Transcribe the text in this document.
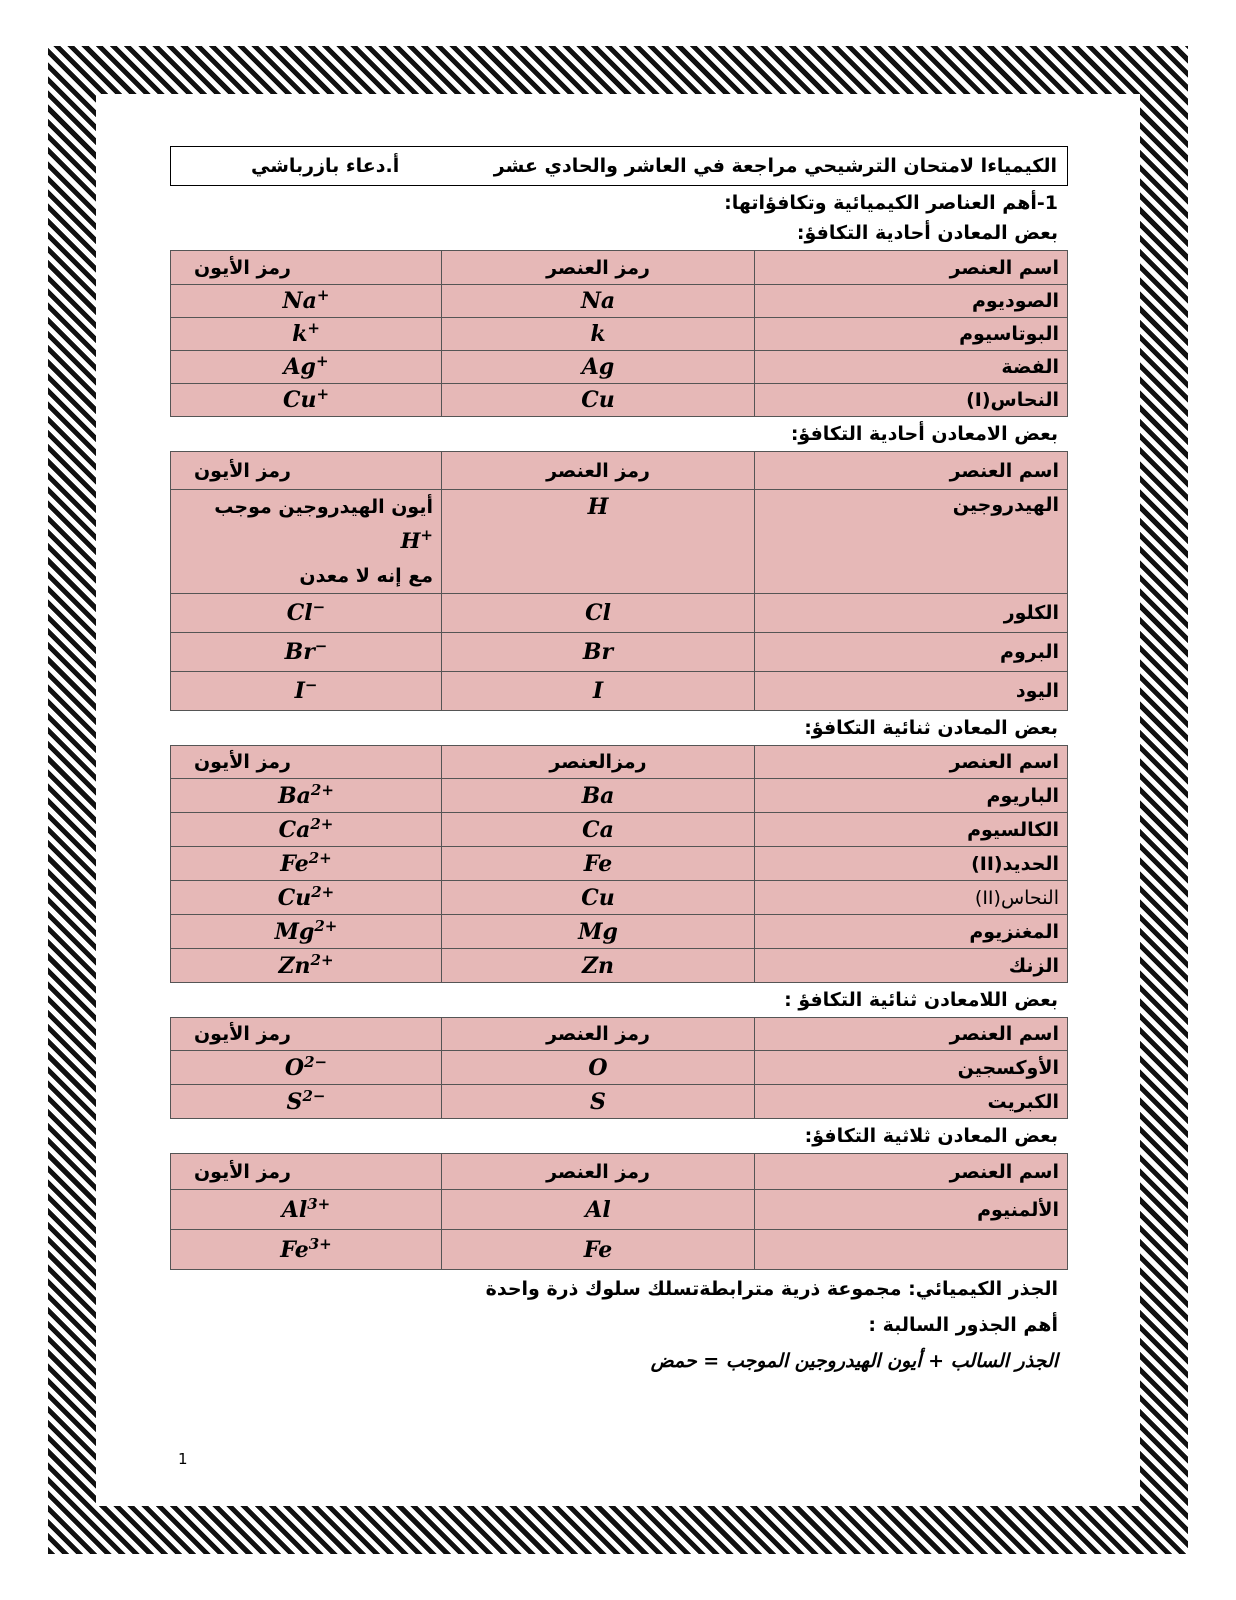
الكيمياءا لامتحان الترشيحي مراجعة في العاشر والحادي عشر
أ.دعاء بازرباشي
1-أهم العناصر الكيميائية وتكافؤاتها:
بعض المعادن أحادية التكافؤ:
اسم العنصر	رمز العنصر	رمز الأيون
الصوديوم	Na	Na+
البوتاسيوم	k	k+
الفضة	Ag	Ag+
النحاس(I)	Cu	Cu+
بعض الامعادن أحادية التكافؤ:
اسم العنصر	رمز العنصر	رمز الأيون
الهيدروجين	H	أيون الهيدروجين موجب H+
مع إنه لا معدن
الكلور	Cl	Cl−
البروم	Br	Br−
اليود	I	I−
بعض المعادن ثنائية التكافؤ:
اسم العنصر	رمزالعنصر	رمز الأيون
الباريوم	Ba	$Ba^{2+}$
الكالسيوم	Ca	$Ca^{2+}$
الحديد(II)	Fe	$Fe^{2+}$
النحاس(II)	Cu	$Cu^{2+}$
المغنزيوم	Mg	$Mg^{2+}$
الزنك	Zn	$Zn^{2+}$
بعض اللامعادن ثنائية التكافؤ :
اسم العنصر	رمز العنصر	رمز الأيون
الأوكسجين	O	$O^{2-}$
الكبريت	S	$S^{2-}$
بعض المعادن ثلاثية التكافؤ:
اسم العنصر	رمز العنصر	رمز الأيون
الألمنيوم	Al	$Al^{3+}$
	Fe	$Fe^{3+}$
الجذر الكيميائي: مجموعة ذرية مترابطةتسلك سلوك ذرة واحدة
أهم الجذور السالبة :
الجذر السالب + أيون الهيدروجين الموجب = حمض
1
